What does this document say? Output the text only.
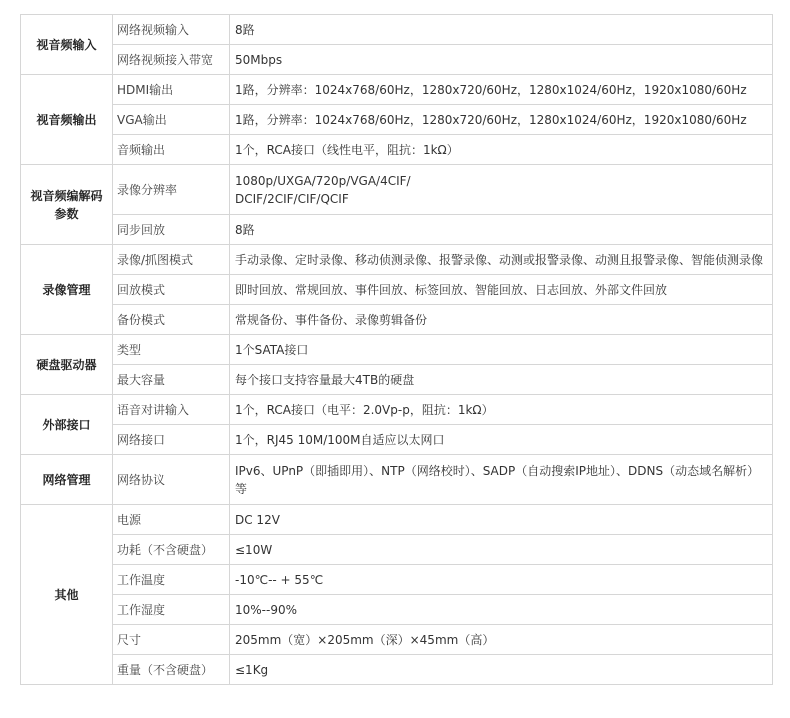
视音频输入	网络视频输入	8路
	网络视频接入带宽	50Mbps
视音频输出	HDMI输出	1路，分辨率：1024x768/60Hz，1280x720/60Hz，1280x1024/60Hz，1920x1080/60Hz
	VGA输出	1路，分辨率：1024x768/60Hz，1280x720/60Hz，1280x1024/60Hz，1920x1080/60Hz
	音频输出	1个，RCA接口（线性电平，阻抗：1kΩ）
视音频编解码参数	录像分辨率	1080p/UXGA/720p/VGA/4CIF/
DCIF/2CIF/CIF/QCIF
	同步回放	8路
录像管理	录像/抓图模式	手动录像、定时录像、移动侦测录像、报警录像、动测或报警录像、动测且报警录像、智能侦测录像
	回放模式	即时回放、常规回放、事件回放、标签回放、智能回放、日志回放、外部文件回放
	备份模式	常规备份、事件备份、录像剪辑备份
硬盘驱动器	类型	1个SATA接口
	最大容量	每个接口支持容量最大4TB的硬盘
外部接口	语音对讲输入	1个，RCA接口（电平：2.0Vp-p，阻抗：1kΩ）
	网络接口	1个，RJ45 10M/100M自适应以太网口
网络管理	网络协议	IPv6、UPnP（即插即用）、NTP（网络校时）、SADP（自动搜索IP地址）、DDNS（动态域名解析）等
其他	电源	DC 12V
	功耗（不含硬盘）	≤10W
	工作温度	-10℃-- + 55℃
	工作湿度	10%--90%
	尺寸	205mm（宽）×205mm（深）×45mm（高）
	重量（不含硬盘）	≤1Kg
